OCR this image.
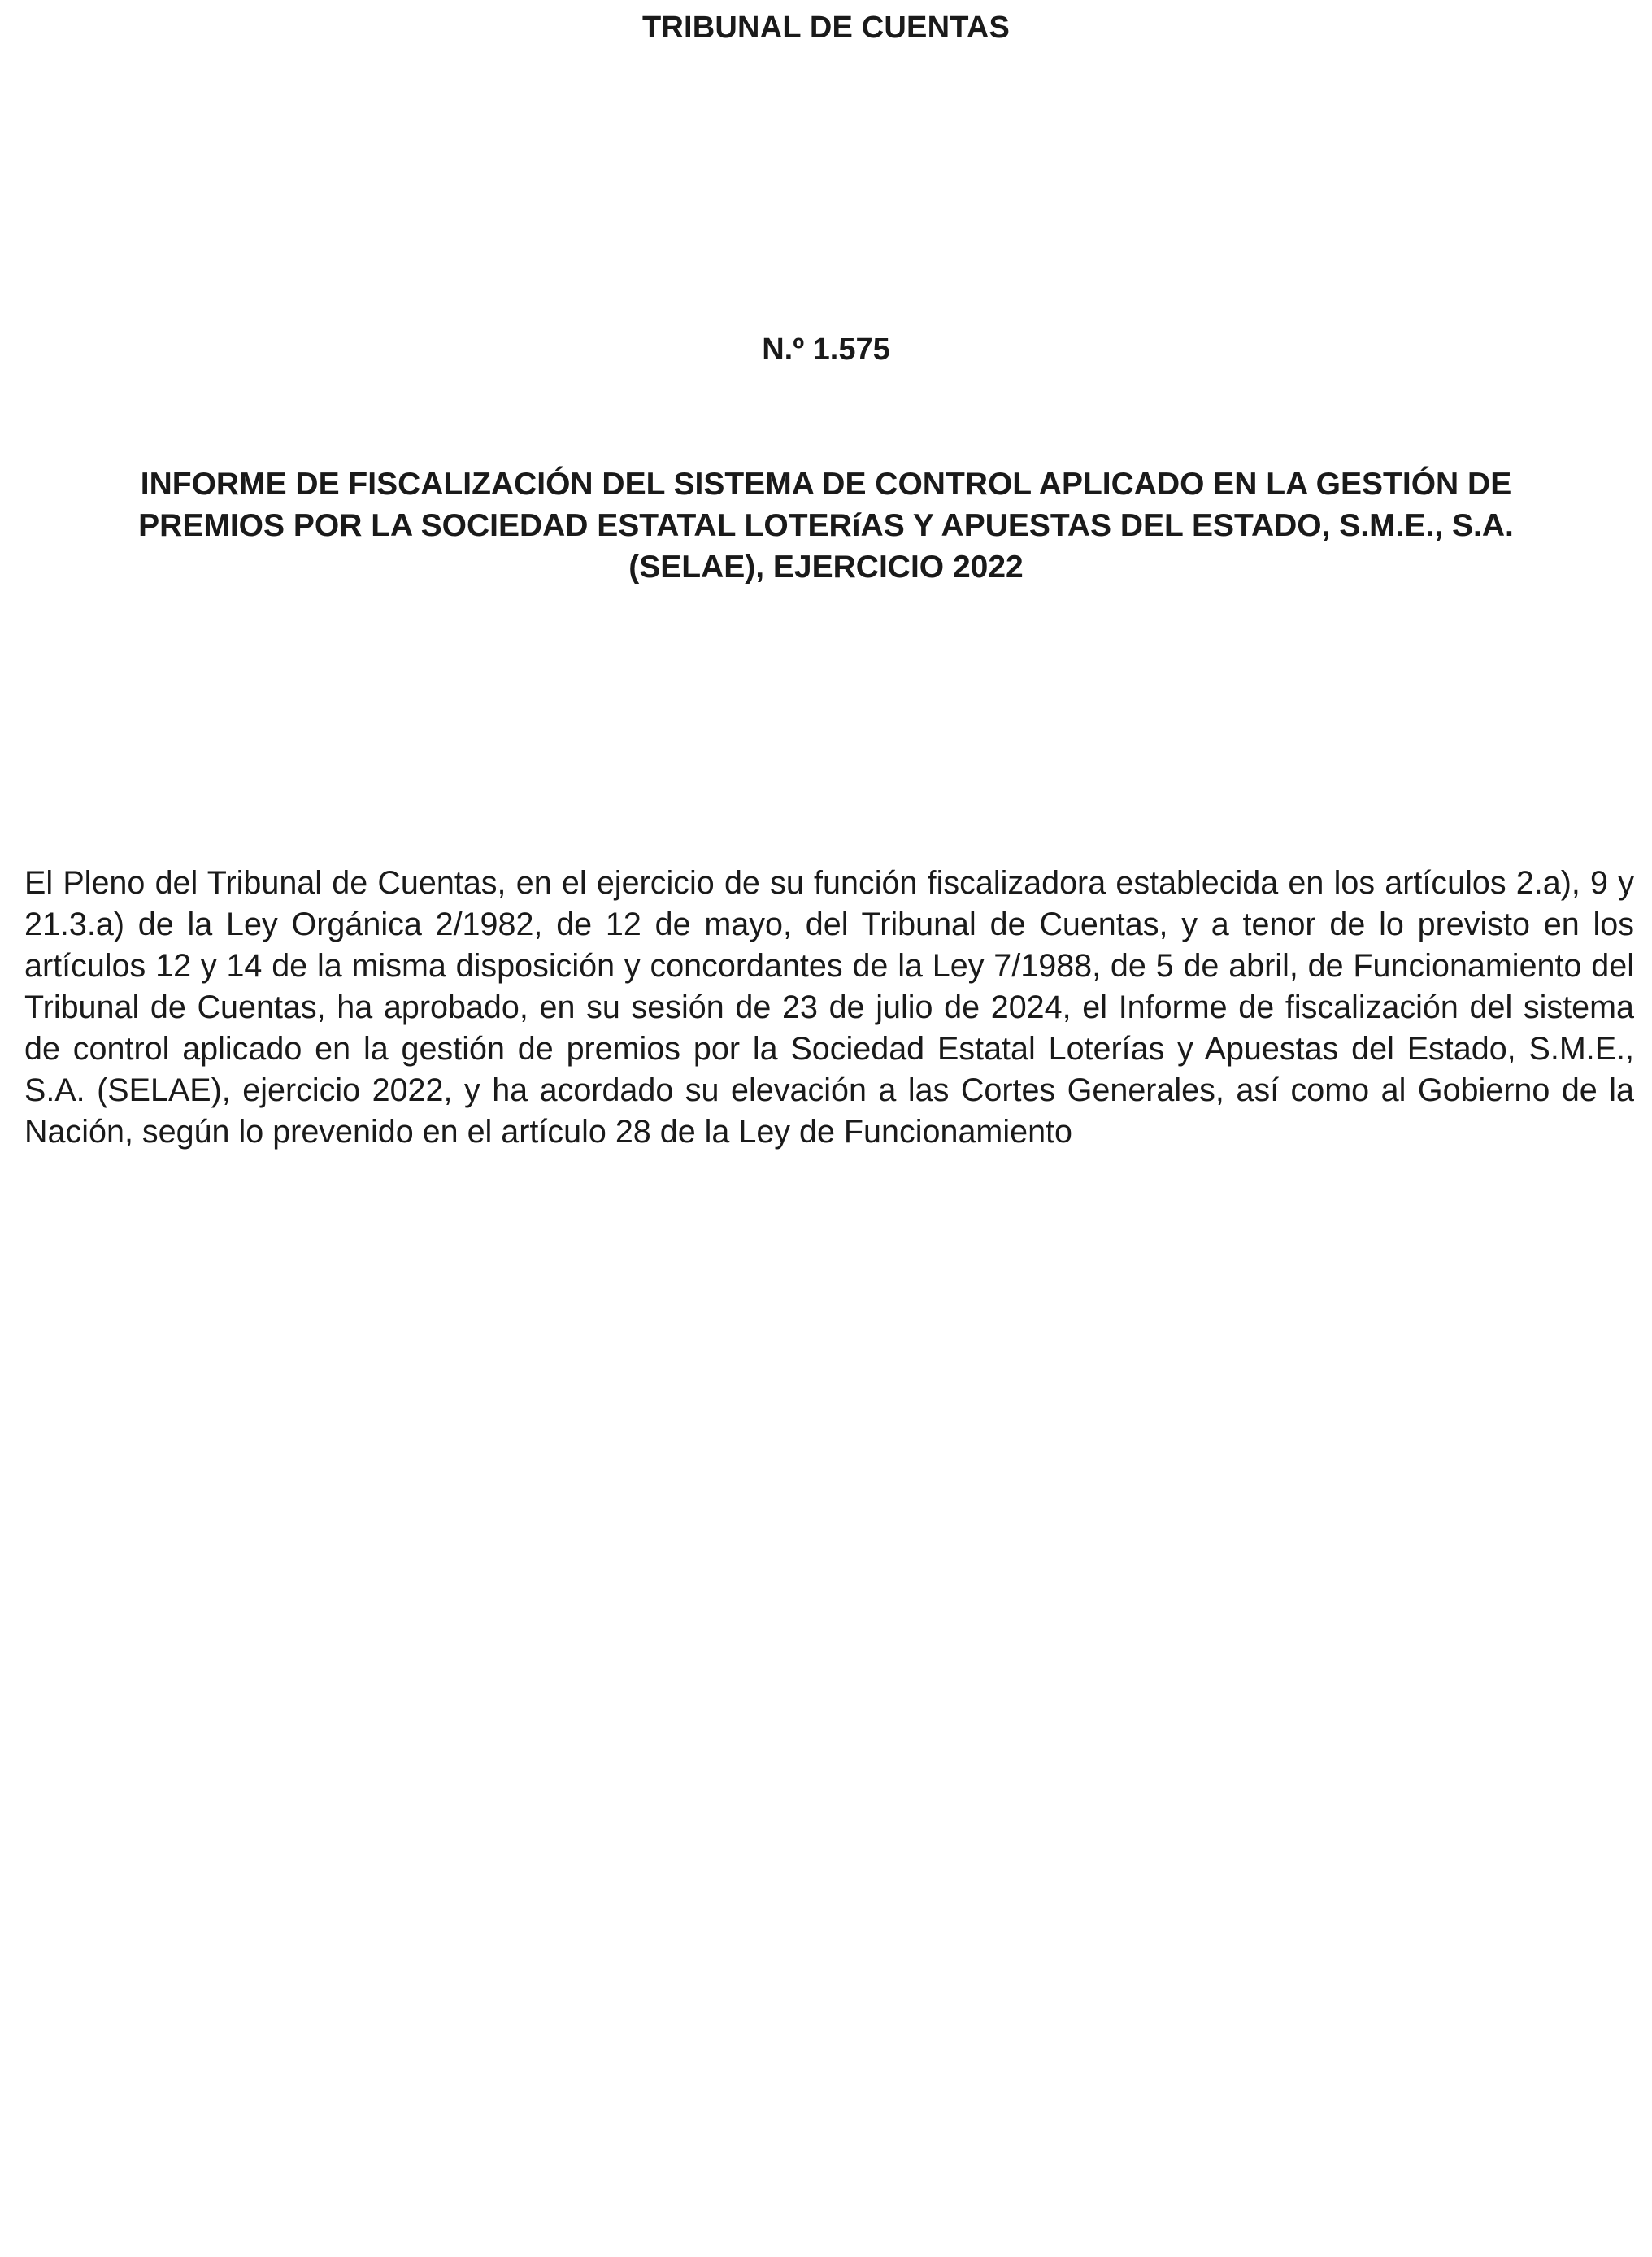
TRIBUNAL DE CUENTAS
N.º 1.575
INFORME DE FISCALIZACIÓN DEL SISTEMA DE CONTROL APLICADO EN LA GESTIÓN DE PREMIOS POR LA SOCIEDAD ESTATAL LOTERíAS Y APUESTAS DEL ESTADO, S.M.E., S.A. (SELAE), EJERCICIO 2022

El Pleno del Tribunal de Cuentas, en el ejercicio de su función fiscalizadora establecida en los artículos 2.a), 9 y 21.3.a) de la Ley Orgánica 2/1982, de 12 de mayo, del Tribunal de Cuentas, y a tenor de lo previsto en los artículos 12 y 14 de la misma disposición y concordantes de la Ley 7/1988, de 5 de abril, de Funcionamiento del Tribunal de Cuentas, ha aprobado, en su sesión de 23 de julio de 2024, el Informe de fiscalización del sistema de control aplicado en la gestión de premios por la Sociedad Estatal Loterías y Apuestas del Estado, S.M.E., S.A. (SELAE), ejercicio 2022, y ha acordado su elevación a las Cortes Generales, así como al Gobierno de la Nación, según lo prevenido en el artículo 28 de la Ley de Funcionamiento
